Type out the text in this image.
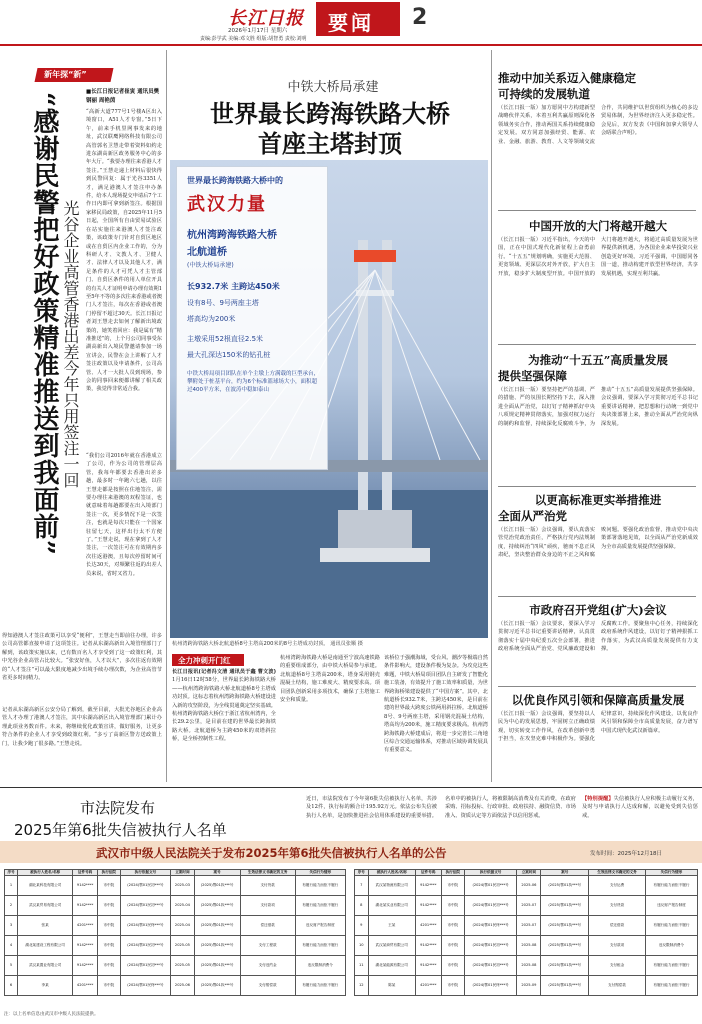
长江日报
2026年1月17日 星期六
责编:彭学武 美编:邓文胜 组版:胡智勇 责校:刘明
要闻 2
新年探“新”
“感谢民警把好政策精准推送到我面前” 光谷企业高管香港出差今年只用签注一回
■长江日报记者崔寅 通讯员樊钢丽 周艳茵
“高新大道777号1号楼A区出入境窗口，A51人才专窗。”5日下午，前来手机里网事发来的地址，武汉联鹰网络科技有限公司高管郭名卫慧走带着资料如约走进东湖高新区政务服务中心的多年大厅。“我要办理往来香港人才签注。”王慧走递上材料后很快得到民警回复：属于光谷3351人才，满足港澳人才签注申办条件，给本人现场提交申请后7个工作日内即可拿到新签注。根据国家移民局政策，自2025年11月5日起，全国所有自由贸易试验区在站实施往来港澳人才签注政策，该政策专门针对自贸区地区或在自贸区内企业工作的，分为科研人才、文教人才、卫健人才、法律人才以及其他人才，满足条件的人才可凭人才主管部门、自贸区条件的用人单位开具的有关人才证明申请办理有效期1至5年不等的多次往来香港或者澳门人才签注，每次在香港或者澳门停留不超过30天。长江日报记者刘王慧走去如何了解新出境政策的，她笑着回应：我是属有“精准推送”的，上个月公司同事受东湖高新出入境民警邀请参加一场宣讲会，民警在会上讲解了人才签注政策以及申请条件，公司高管、人才一大批人员到现场，参会的同事回来便都讲解了相关政策，我觉得非常适合我。
“我们公司2016年就在香港成立了公司，作为公司的管理层高管，我每年都要去香港出差多趟，最多时一年跑六七趟，以往王慧走都是按照在住地签注，需要办理往来港澳的双程签证，也就意味着每趟都要在出入境部门签注一次，更多情况下是一次签注，也就是每次只能在一个国家驻留七天，这样出行太不方便了。”王慧走说，现在拿到了人才签注，一次签注可在有效期内多次往返港澳，且每次停留时间可长达30天，对频繁往返的出差人员来说，省时又省力。
得知港澳人才签注政策可以享受“便利”，王慧走当即前往办理，许多公司高管都直接申请了这项签注。记者从东湖高新出入境管理部门了解到，该政策实施以来，已有数百名人才享受到了这一政策红利，其中光谷企业高管占比较大。“张安好鱼，人才以大”，多次往返有效期的“人才签注”可以最大限度地减少出境手续办理次数，为企业高管节省更多时间精力。
记者从东湖高新区公安分局了解到，截至目前，大批光谷地区企业高管人才办理了港澳人才签注，其中东湖高新区出入境管理部门累计办理此项业务数百件。未来，将继续优化政策宣讲，做好服务，让更多符合条件的企业人才享受到政策红利。“多亏了高新区警方送政策上门，让我少跑了很多路。”王慧走说。
中铁大桥局承建
世界最长跨海铁路大桥
首座主塔封顶
世界最长跨海铁路大桥中的
武汉力量
杭州湾跨海铁路大桥
北航道桥
(中铁大桥局承建)
长932.7米 主跨达450米
设有8号、9号两座主塔
塔高均为200米
主墩采用52根直径2.5米
最大孔深达150米的钻孔桩
中铁大桥局项目团队在单个主墩上方满载的巨型承台，攀附处于桩基平台，约为6个标准篮球场大小，面积超过400平方米，在波涛中稳如泰山
杭州湾跨海铁路大桥北航道桥8号主塔高200米的8号主塔成功封顶。 通讯员张顺 摄
全力冲刺开门红
长江日报讯(记者冯文清 通讯员于鑫 曹文波)1月16日12时58分，世界最长跨海铁路大桥——杭州湾跨海铁路大桥北航道桥8号主塔成功封顶。这标志着杭州湾跨海铁路大桥建设进入新的攻坚阶段，为全线贯通奠定坚实基础。杭州湾跨海铁路大桥位于浙江省杭州湾内，全长29.2公里，是目前在建的世界最长跨海铁路大桥。北航道桥为主跨450米的双塔斜拉桥，是全桥控制性工程。
杭州湾跨海铁路大桥是南通至宁波高速铁路的重要组成部分，由中铁大桥局参与承建。北航道桥8号主塔高200米，塔身采用钢壳混凝土结构，施工难度大、精度要求高。项目团队创新采用多项技术，确保了主塔施工安全和质量。
该桥位于强潮海域，受台风、潮汐等极端自然条件影响大，建设条件极为复杂。为攻克这些难题，中铁大桥局项目团队自主研发了智能化施工装备，有效提升了施工效率和质量，为世界跨海桥梁建设提供了“中国方案”。其中，北航道桥长932.7米，主跨达450米，是目前在建的世界最大跨度公铁两用斜拉桥。北航道桥8号、9号两座主塔，采用钢壳混凝土结构，塔高均为200米，施工精度要求极高。杭州湾跨海铁路大桥建成后，将进一步完善长三角地区综合交通运输体系，对推动区域协调发展具有重要意义。
推动中加关系迈入健康稳定
可持续的发展轨道
（长江日报一版）加方愿同中方构建新型战略伙伴关系，本着互利共赢原则深化各领域务实合作，推动两国关系持续健康稳定发展。双方同意加强经贸、能源、农业、金融、旅游、教育、人文等领域交流合作，共同维护以世贸组织为核心的多边贸易体制，为世界经济注入更多稳定性。会见后，双方发表《中国和加拿大领导人会晤联合声明》。
中国开放的大门将越开越大
（长江日报一版）习近平指出，今天的中国，正在中国式现代化新征程上奋勇前行。“十五五”规划明确，实施更大范围、更宽领域、更深层次对外开放，扩大自主开放，稳步扩大制度型开放。中国开放的大门将越开越大，将通过高质量发展为世界提供新机遇，为各国企业来华投资兴业创造更好环境。习近平强调，中国愿同各国一道，推动构建开放型世界经济，共享发展机遇，实现互利共赢。
为推动“十五五”高质量发展
提供坚强保障
（长江日报一版）要坚持把严的基调、严的措施、严的氛围长期坚持下去，深入推进全面从严治党，以钉钉子精神抓好中央八项规定精神贯彻落实，加强对权力运行的制约和监督，持续深化反腐败斗争，为推动“十五五”高质量发展提供坚强保障。会议强调，要深入学习贯彻习近平总书记重要讲话精神，把思想和行动统一到党中央决策部署上来，推动全面从严治党向纵深发展。
以更高标准更实举措推进
全面从严治党
（长江日报一版）会议强调，要认真落实管党治党政治责任，严格执行党内法规制度，持续纠治“四风”顽疾，驰而不息正风肃纪，坚决整治群众身边的不正之风和腐败问题。要强化政治监督，推动党中央决策部署落地见效，以全面从严治党新成效为全市高质量发展提供坚强保障。
市政府召开党组(扩大)会议
（长江日报一版）会议要求，要深入学习贯彻习近平总书记重要讲话精神，认真贯彻落实十届中央纪委五次全会部署，推进政府系统全面从严治党、党风廉政建设和反腐败工作。要聚焦中心任务，持续深化政府系统作风建设，以钉钉子精神狠抓工作落实，为武汉高质量发展提供有力支撑。
以优良作风引领和保障高质量发展
（长江日报一版）会议强调，要坚持以人民为中心的发展思想，牢固树立正确政绩观，切实转变工作作风，在改革创新中勇于担当，在攻坚克难中积极作为。要强化纪律意识，持续深化作风建设，以优良作风引领和保障全市高质量发展，奋力谱写中国式现代化武汉新篇章。
市法院发布
2025年第6批失信被执行人名单
近日，市法院发布了今年第6批失信被执行人名单，共涉及12件，执行标的额合计195.92万元。依法公布失信被执行人名单，是加快推进社会信用体系建设的重要举措。名单中的被执行人，将被限制高消费及有关消费，在政府采购、招标投标、行政审批、政府扶持、融资信贷、市场准入、资质认定等方面依法予以信用惩戒。
【特别提醒】失信被执行人应积极主动履行义务，及时与申请执行人达成和解，以避免受到失信惩戒。
武汉市中级人民法院关于发布2025年第6批失信被执行人名单的公告	发布时间：2025年12月18日
序号	被执行人姓名/名称	证件号码	执行法院	执行依据文号	立案时间	案号	生效法律文书确定的义务	失信行为情形
1	湖北某科技有限公司	9142****	市中院	(2024)鄂01民初***号	2025-03	(2025)鄂01执***号	支付货款	有履行能力而拒不履行
2	武汉某贸易有限公司	9142****	市中院	(2024)鄂01民初***号	2025-04	(2025)鄂01执***号	支付款项	有履行能力而拒不履行
3	张某	4201****	市中院	(2024)鄂01民终***号	2025-04	(2025)鄂01执***号	偿还借款	违反财产报告制度
4	湖北某建设工程有限公司	9142****	市中院	(2024)鄂01民初***号	2025-05	(2025)鄂01执***号	支付工程款	有履行能力而拒不履行
5	武汉某置业有限公司	9142****	市中院	(2024)鄂01民初***号	2025-05	(2025)鄂01执***号	支付违约金	违反限制消费令
6	李某	4201****	市中院	(2024)鄂01民终***号	2025-06	(2025)鄂01执***号	支付赔偿款	有履行能力而拒不履行
序号	被执行人姓名/名称	证件号码	执行法院	执行依据文号	立案时间	案号	生效法律文书确定的义务	失信行为情形
7	武汉某物流有限公司	9142****	市中院	(2024)鄂01民初***号	2025-06	(2025)鄂01执***号	支付运费	有履行能力而拒不履行
8	湖北某实业有限公司	9142****	市中院	(2024)鄂01民初***号	2025-07	(2025)鄂01执***号	支付货款	违反财产报告制度
9	王某	4201****	市中院	(2024)鄂01民终***号	2025-07	(2025)鄂01执***号	偿还借款	有履行能力而拒不履行
10	武汉某商贸有限公司	9142****	市中院	(2024)鄂01民初***号	2025-08	(2025)鄂01执***号	支付款项	违反限制消费令
11	湖北某能源有限公司	9142****	市中院	(2024)鄂01民初***号	2025-08	(2025)鄂01执***号	支付租金	有履行能力而拒不履行
12	陈某	4201****	市中院	(2024)鄂01民终***号	2025-09	(2025)鄂01执***号	支付赔偿款	有履行能力而拒不履行
注：以上名单信息由武汉市中级人民法院提供。
